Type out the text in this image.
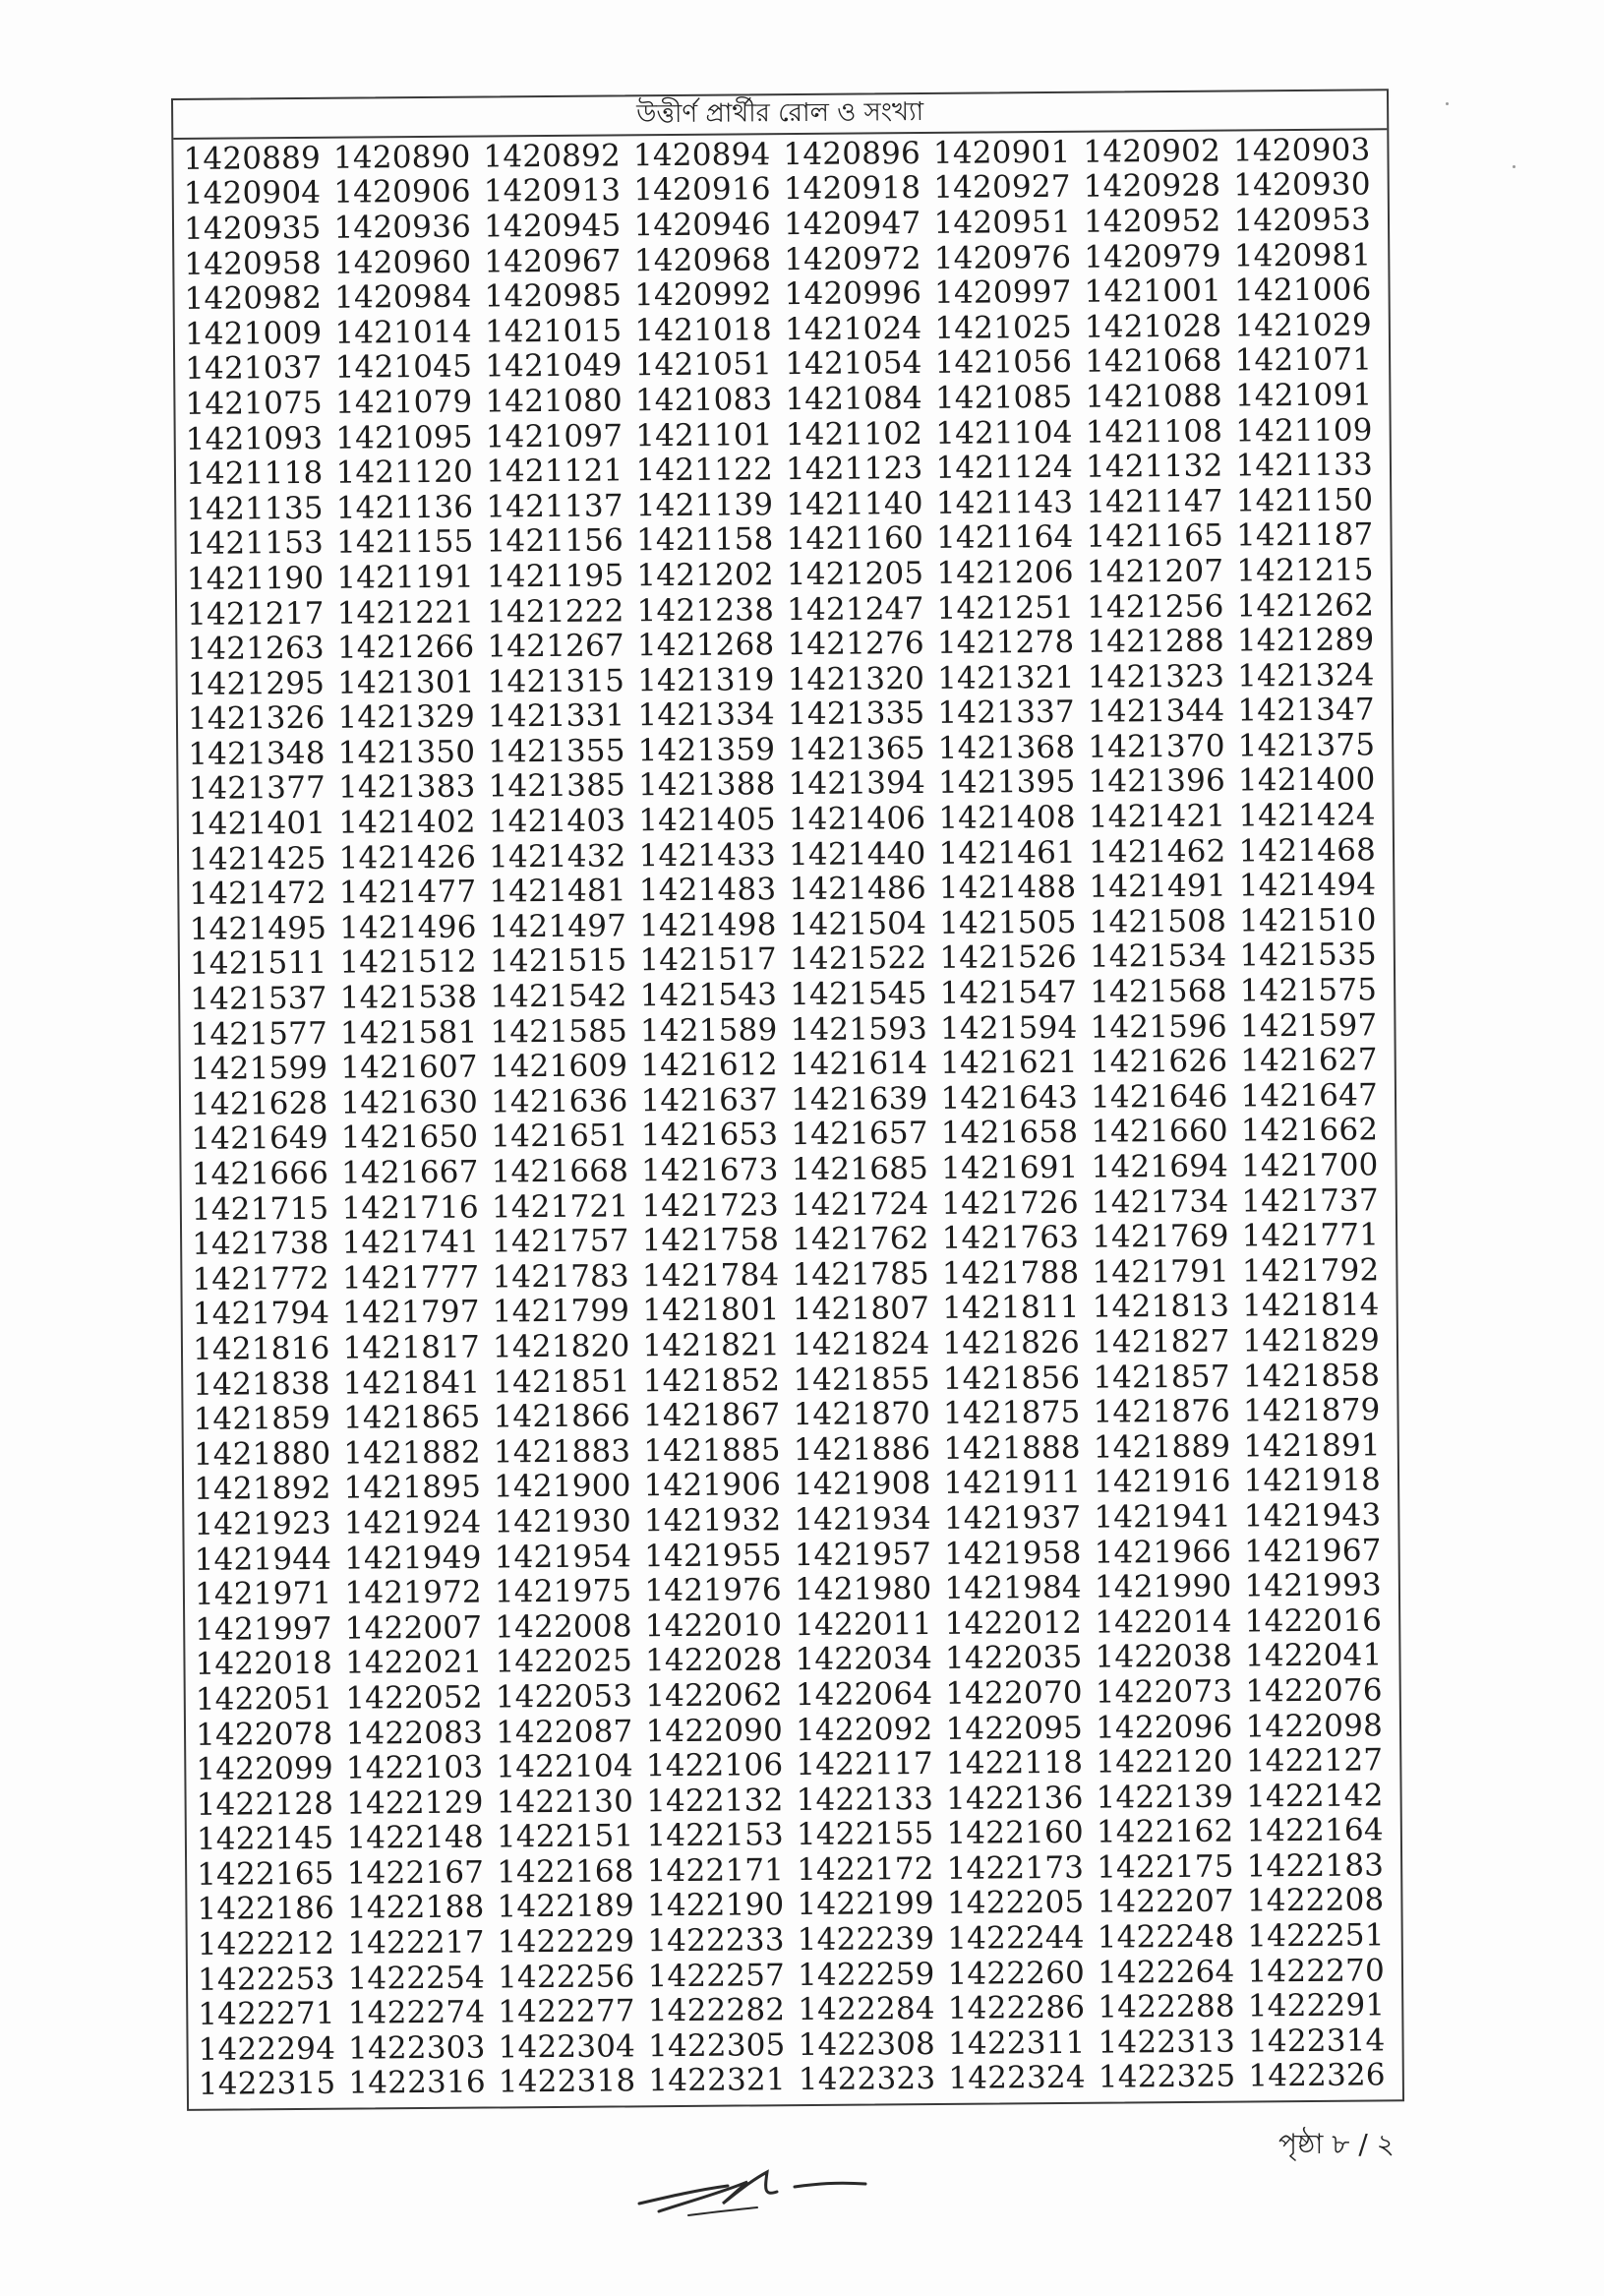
উত্তীর্ণ প্রার্থীর রোল ও সংখ্যা
1420889 1420890 1420892 1420894 1420896 1420901 1420902 1420903
1420904 1420906 1420913 1420916 1420918 1420927 1420928 1420930
1420935 1420936 1420945 1420946 1420947 1420951 1420952 1420953
1420958 1420960 1420967 1420968 1420972 1420976 1420979 1420981
1420982 1420984 1420985 1420992 1420996 1420997 1421001 1421006
1421009 1421014 1421015 1421018 1421024 1421025 1421028 1421029
1421037 1421045 1421049 1421051 1421054 1421056 1421068 1421071
1421075 1421079 1421080 1421083 1421084 1421085 1421088 1421091
1421093 1421095 1421097 1421101 1421102 1421104 1421108 1421109
1421118 1421120 1421121 1421122 1421123 1421124 1421132 1421133
1421135 1421136 1421137 1421139 1421140 1421143 1421147 1421150
1421153 1421155 1421156 1421158 1421160 1421164 1421165 1421187
1421190 1421191 1421195 1421202 1421205 1421206 1421207 1421215
1421217 1421221 1421222 1421238 1421247 1421251 1421256 1421262
1421263 1421266 1421267 1421268 1421276 1421278 1421288 1421289
1421295 1421301 1421315 1421319 1421320 1421321 1421323 1421324
1421326 1421329 1421331 1421334 1421335 1421337 1421344 1421347
1421348 1421350 1421355 1421359 1421365 1421368 1421370 1421375
1421377 1421383 1421385 1421388 1421394 1421395 1421396 1421400
1421401 1421402 1421403 1421405 1421406 1421408 1421421 1421424
1421425 1421426 1421432 1421433 1421440 1421461 1421462 1421468
1421472 1421477 1421481 1421483 1421486 1421488 1421491 1421494
1421495 1421496 1421497 1421498 1421504 1421505 1421508 1421510
1421511 1421512 1421515 1421517 1421522 1421526 1421534 1421535
1421537 1421538 1421542 1421543 1421545 1421547 1421568 1421575
1421577 1421581 1421585 1421589 1421593 1421594 1421596 1421597
1421599 1421607 1421609 1421612 1421614 1421621 1421626 1421627
1421628 1421630 1421636 1421637 1421639 1421643 1421646 1421647
1421649 1421650 1421651 1421653 1421657 1421658 1421660 1421662
1421666 1421667 1421668 1421673 1421685 1421691 1421694 1421700
1421715 1421716 1421721 1421723 1421724 1421726 1421734 1421737
1421738 1421741 1421757 1421758 1421762 1421763 1421769 1421771
1421772 1421777 1421783 1421784 1421785 1421788 1421791 1421792
1421794 1421797 1421799 1421801 1421807 1421811 1421813 1421814
1421816 1421817 1421820 1421821 1421824 1421826 1421827 1421829
1421838 1421841 1421851 1421852 1421855 1421856 1421857 1421858
1421859 1421865 1421866 1421867 1421870 1421875 1421876 1421879
1421880 1421882 1421883 1421885 1421886 1421888 1421889 1421891
1421892 1421895 1421900 1421906 1421908 1421911 1421916 1421918
1421923 1421924 1421930 1421932 1421934 1421937 1421941 1421943
1421944 1421949 1421954 1421955 1421957 1421958 1421966 1421967
1421971 1421972 1421975 1421976 1421980 1421984 1421990 1421993
1421997 1422007 1422008 1422010 1422011 1422012 1422014 1422016
1422018 1422021 1422025 1422028 1422034 1422035 1422038 1422041
1422051 1422052 1422053 1422062 1422064 1422070 1422073 1422076
1422078 1422083 1422087 1422090 1422092 1422095 1422096 1422098
1422099 1422103 1422104 1422106 1422117 1422118 1422120 1422127
1422128 1422129 1422130 1422132 1422133 1422136 1422139 1422142
1422145 1422148 1422151 1422153 1422155 1422160 1422162 1422164
1422165 1422167 1422168 1422171 1422172 1422173 1422175 1422183
1422186 1422188 1422189 1422190 1422199 1422205 1422207 1422208
1422212 1422217 1422229 1422233 1422239 1422244 1422248 1422251
1422253 1422254 1422256 1422257 1422259 1422260 1422264 1422270
1422271 1422274 1422277 1422282 1422284 1422286 1422288 1422291
1422294 1422303 1422304 1422305 1422308 1422311 1422313 1422314
1422315 1422316 1422318 1422321 1422323 1422324 1422325 1422326
পৃষ্ঠা ৮ / ২
